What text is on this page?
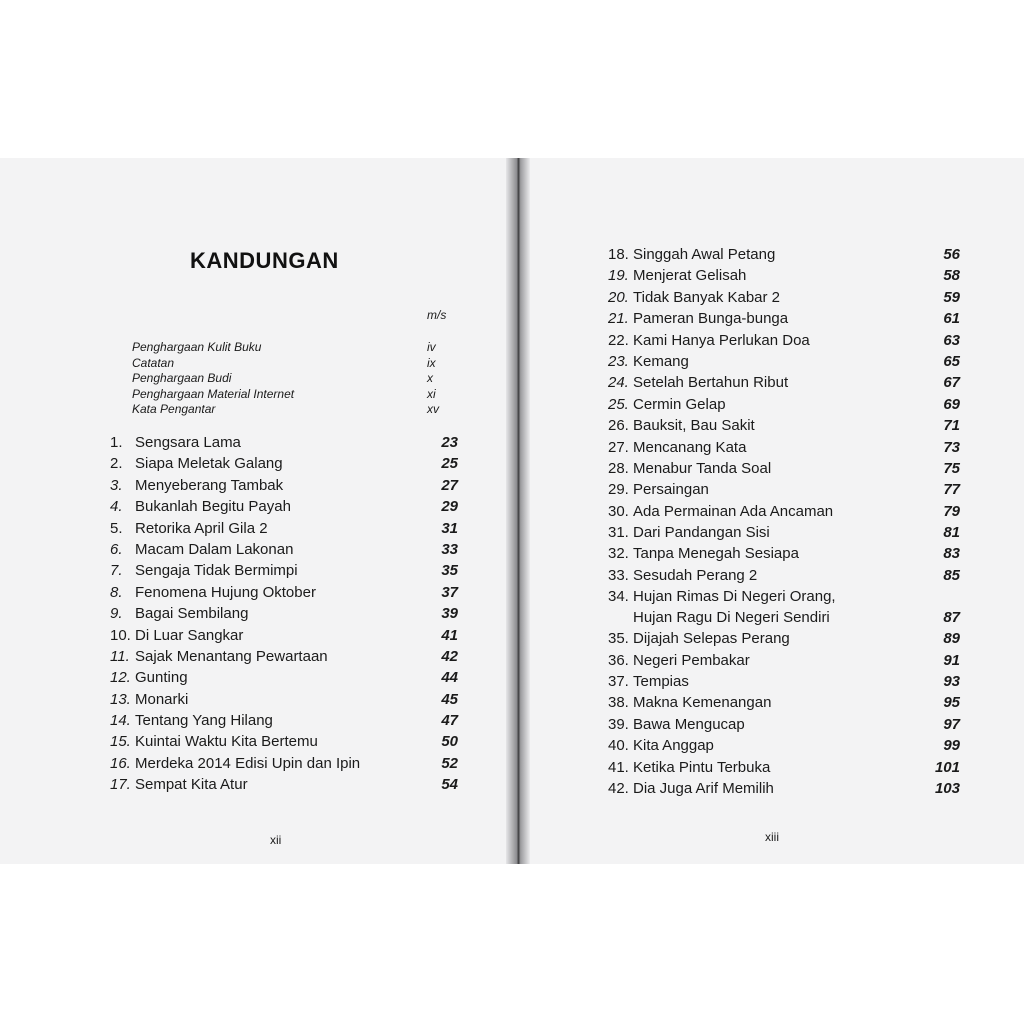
KANDUNGAN
m/s
Penghargaan Kulit Buku	iv
Catatan	ix
Penghargaan Budi	x
Penghargaan Material Internet	xi
Kata Pengantar	xv
1. Sengsara Lama	23
2. Siapa Meletak Galang	25
3. Menyeberang Tambak	27
4. Bukanlah Begitu Payah	29
5. Retorika April Gila 2	31
6. Macam Dalam Lakonan	33
7. Sengaja Tidak Bermimpi	35
8. Fenomena Hujung Oktober	37
9. Bagai Sembilang	39
10. Di Luar Sangkar	41
11. Sajak Menantang Pewartaan	42
12. Gunting	44
13. Monarki	45
14. Tentang Yang Hilang	47
15. Kuintai Waktu Kita Bertemu	50
16. Merdeka 2014 Edisi Upin dan Ipin	52
17. Sempat Kita Atur	54
18. Singgah Awal Petang	56
19. Menjerat Gelisah	58
20. Tidak Banyak Kabar 2	59
21. Pameran Bunga-bunga	61
22. Kami Hanya Perlukan Doa	63
23. Kemang	65
24. Setelah Bertahun Ribut	67
25. Cermin Gelap	69
26. Bauksit, Bau Sakit	71
27. Mencanang Kata	73
28. Menabur Tanda Soal	75
29. Persaingan	77
30. Ada Permainan Ada Ancaman	79
31. Dari Pandangan Sisi	81
32. Tanpa Menegah Sesiapa	83
33. Sesudah Perang 2	85
34. Hujan Rimas Di Negeri Orang,
Hujan Ragu Di Negeri Sendiri	87
35. Dijajah Selepas Perang	89
36. Negeri Pembakar	91
37. Tempias	93
38. Makna Kemenangan	95
39. Bawa Mengucap	97
40. Kita Anggap	99
41. Ketika Pintu Terbuka	101
42. Dia Juga Arif Memilih	103
xii	xiii
